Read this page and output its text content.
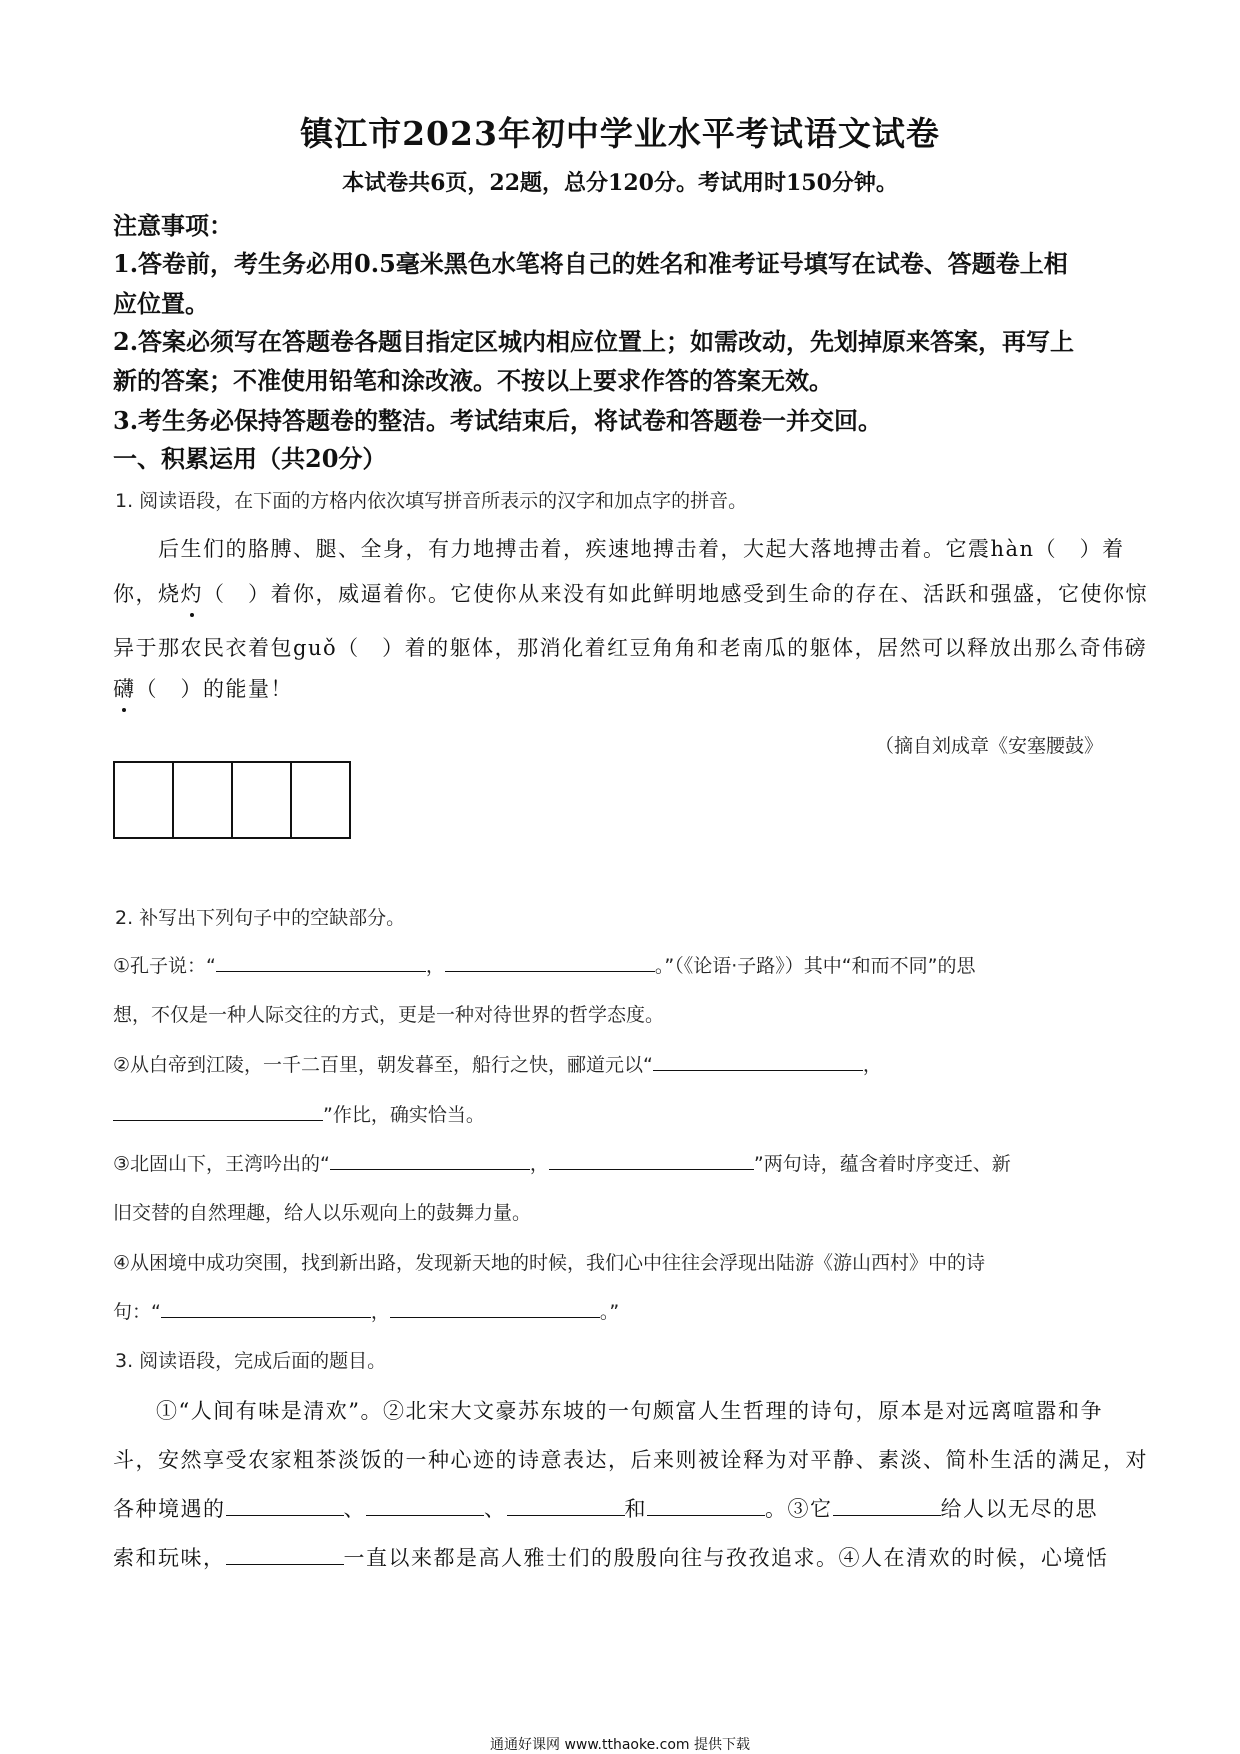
镇江市2023年初中学业水平考试语文试卷
本试卷共6页，22题，总分120分。考试用时150分钟。
注意事项：
1.答卷前，考生务必用0.5毫米黑色水笔将自己的姓名和准考证号填写在试卷、答题卷上相
应位置。
2.答案必须写在答题卷各题目指定区城内相应位置上；如需改动，先划掉原来答案，再写上
新的答案；不准使用铅笔和涂改液。不按以上要求作答的答案无效。
3.考生务必保持答题卷的整洁。考试结束后，将试卷和答题卷一并交回。
一、积累运用（共20分）
1. 阅读语段，在下面的方格内依次填写拼音所表示的汉字和加点字的拼音。
后生们的胳膊、腿、全身，有力地搏击着，疾速地搏击着，大起大落地搏击着。它震hàn（　）着
你，烧灼（　）着你，威逼着你。它使你从来没有如此鲜明地感受到生命的存在、活跃和强盛，它使你惊
异于那农民衣着包guǒ（　）着的躯体，那消化着红豆角角和老南瓜的躯体，居然可以释放出那么奇伟磅
礴（　）的能量！
（摘自刘成章《安塞腰鼓》
2. 补写出下列句子中的空缺部分。
①孔子说：“	，	。”（《论语·子路》）其中“和而不同”的思
想，不仅是一种人际交往的方式，更是一种对待世界的哲学态度。
②从白帝到江陵，一千二百里，朝发暮至，船行之快，郦道元以“	，
”作比，确实恰当。
③北固山下，王湾吟出的“	，	”两句诗，蕴含着时序变迁、新
旧交替的自然理趣，给人以乐观向上的鼓舞力量。
④从困境中成功突围，找到新出路，发现新天地的时候，我们心中往往会浮现出陆游《游山西村》中的诗
句：“	，	。”
3. 阅读语段，完成后面的题目。
①“人间有味是清欢”。②北宋大文豪苏东坡的一句颇富人生哲理的诗句，原本是对远离喧嚣和争
斗，安然享受农家粗茶淡饭的一种心迹的诗意表达，后来则被诠释为对平静、素淡、简朴生活的满足，对
各种境遇的	、	、	和	。③它	给人以无尽的思
索和玩味，	一直以来都是高人雅士们的殷殷向往与孜孜追求。④人在清欢的时候，心境恬
通通好课网 www.tthaoke.com 提供下载
